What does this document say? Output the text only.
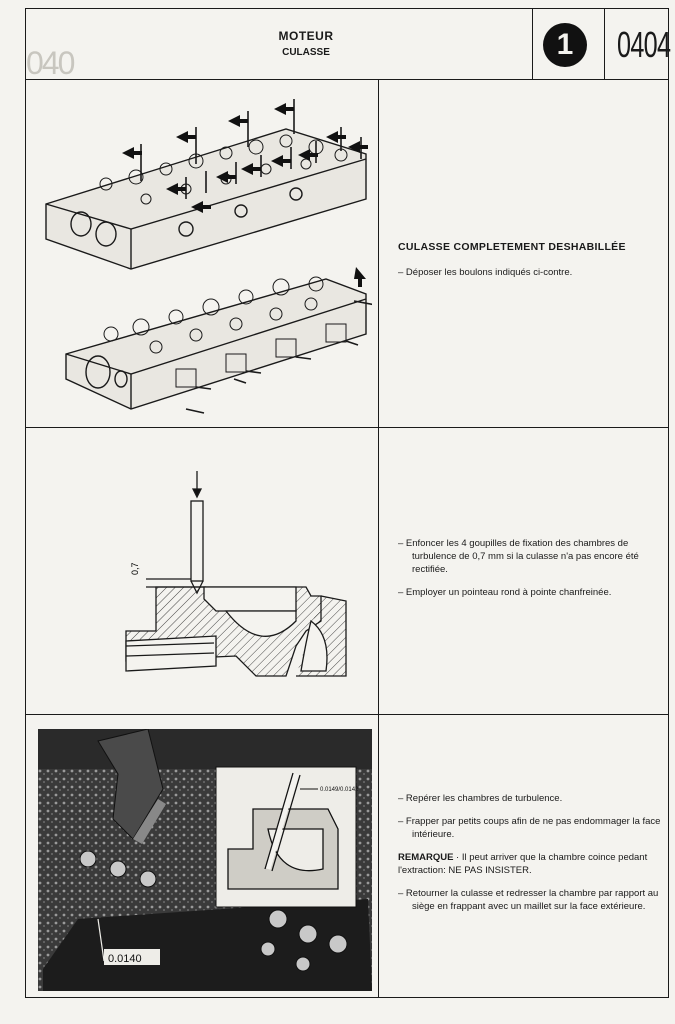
040
MOTEUR
CULASSE	1	0404
CULASSE COMPLETEMENT DESHABILLÉE

– Déposer les boulons indiqués ci-contre.

0,7

– Enfoncer les 4 goupilles de fixation des chambres de turbulence de 0,7 mm si la culasse n'a pas encore été rectifiée.

– Employer un pointeau rond à pointe chanfreinée.

0.0149/0.0142
0.0140

– Repérer les chambres de turbulence.

– Frapper par petits coups afin de ne pas endommager la face intérieure.

REMARQUE · Il peut arriver que la chambre coince pedant l'extraction: NE PAS INSISTER.

– Retourner la culasse et redresser la chambre par rapport au siège en frappant avec un maillet sur la face extérieure.
